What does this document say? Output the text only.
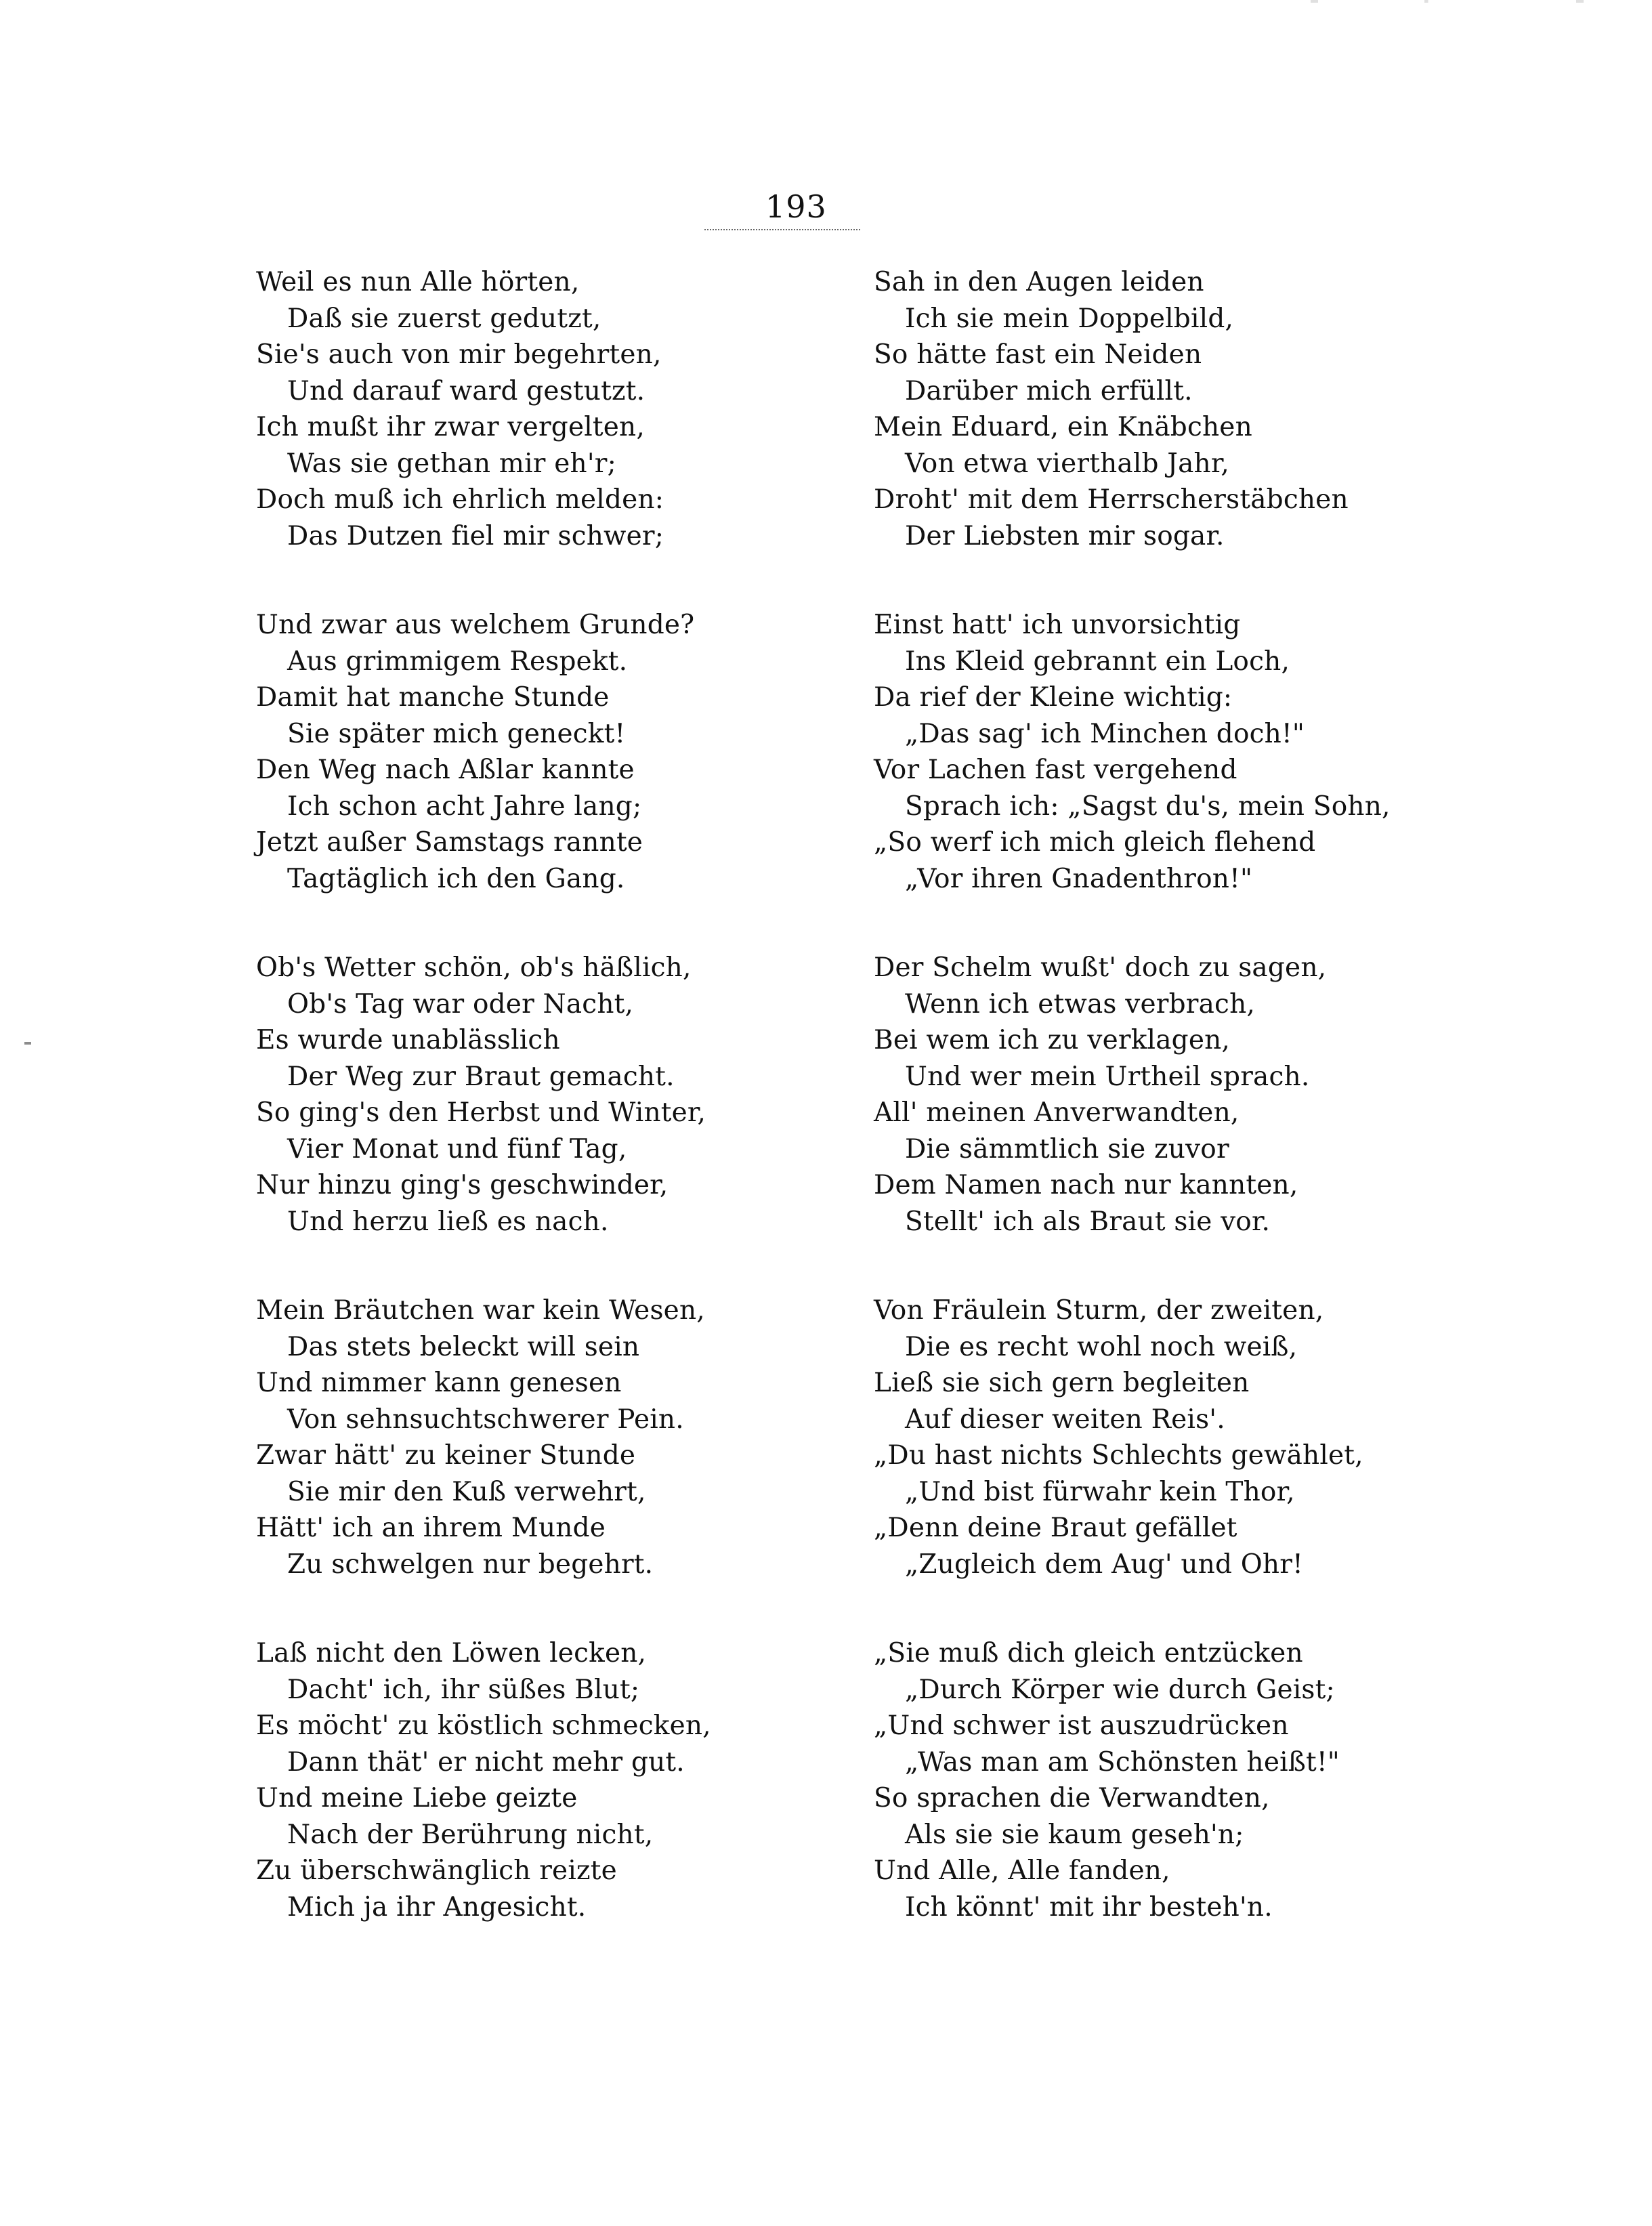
193
Weil es nun Alle hörten,
Daß sie zuerst gedutzt,
Sie's auch von mir begehrten,
Und darauf ward gestutzt.
Ich mußt ihr zwar vergelten,
Was sie gethan mir eh'r;
Doch muß ich ehrlich melden:
Das Dutzen fiel mir schwer;
Und zwar aus welchem Grunde?
Aus grimmigem Respekt.
Damit hat manche Stunde
Sie später mich geneckt!
Den Weg nach Aßlar kannte
Ich schon acht Jahre lang;
Jetzt außer Samstags rannte
Tagtäglich ich den Gang.
Ob's Wetter schön, ob's häßlich,
Ob's Tag war oder Nacht,
Es wurde unablässlich
Der Weg zur Braut gemacht.
So ging's den Herbst und Winter,
Vier Monat und fünf Tag,
Nur hinzu ging's geschwinder,
Und herzu ließ es nach.
Mein Bräutchen war kein Wesen,
Das stets beleckt will sein
Und nimmer kann genesen
Von sehnsuchtschwerer Pein.
Zwar hätt' zu keiner Stunde
Sie mir den Kuß verwehrt,
Hätt' ich an ihrem Munde
Zu schwelgen nur begehrt.
Laß nicht den Löwen lecken,
Dacht' ich, ihr süßes Blut;
Es möcht' zu köstlich schmecken,
Dann thät' er nicht mehr gut.
Und meine Liebe geizte
Nach der Berührung nicht,
Zu überschwänglich reizte
Mich ja ihr Angesicht.
Sah in den Augen leiden
Ich sie mein Doppelbild,
So hätte fast ein Neiden
Darüber mich erfüllt.
Mein Eduard, ein Knäbchen
Von etwa vierthalb Jahr,
Droht' mit dem Herrscherstäbchen
Der Liebsten mir sogar.
Einst hatt' ich unvorsichtig
Ins Kleid gebrannt ein Loch,
Da rief der Kleine wichtig:
„Das sag' ich Minchen doch!"
Vor Lachen fast vergehend
Sprach ich: „Sagst du's, mein Sohn,
„So werf ich mich gleich flehend
„Vor ihren Gnadenthron!"
Der Schelm wußt' doch zu sagen,
Wenn ich etwas verbrach,
Bei wem ich zu verklagen,
Und wer mein Urtheil sprach.
All' meinen Anverwandten,
Die sämmtlich sie zuvor
Dem Namen nach nur kannten,
Stellt' ich als Braut sie vor.
Von Fräulein Sturm, der zweiten,
Die es recht wohl noch weiß,
Ließ sie sich gern begleiten
Auf dieser weiten Reis'.
„Du hast nichts Schlechts gewählet,
„Und bist fürwahr kein Thor,
„Denn deine Braut gefället
„Zugleich dem Aug' und Ohr!
„Sie muß dich gleich entzücken
„Durch Körper wie durch Geist;
„Und schwer ist auszudrücken
„Was man am Schönsten heißt!"
So sprachen die Verwandten,
Als sie sie kaum geseh'n;
Und Alle, Alle fanden,
Ich könnt' mit ihr besteh'n.
